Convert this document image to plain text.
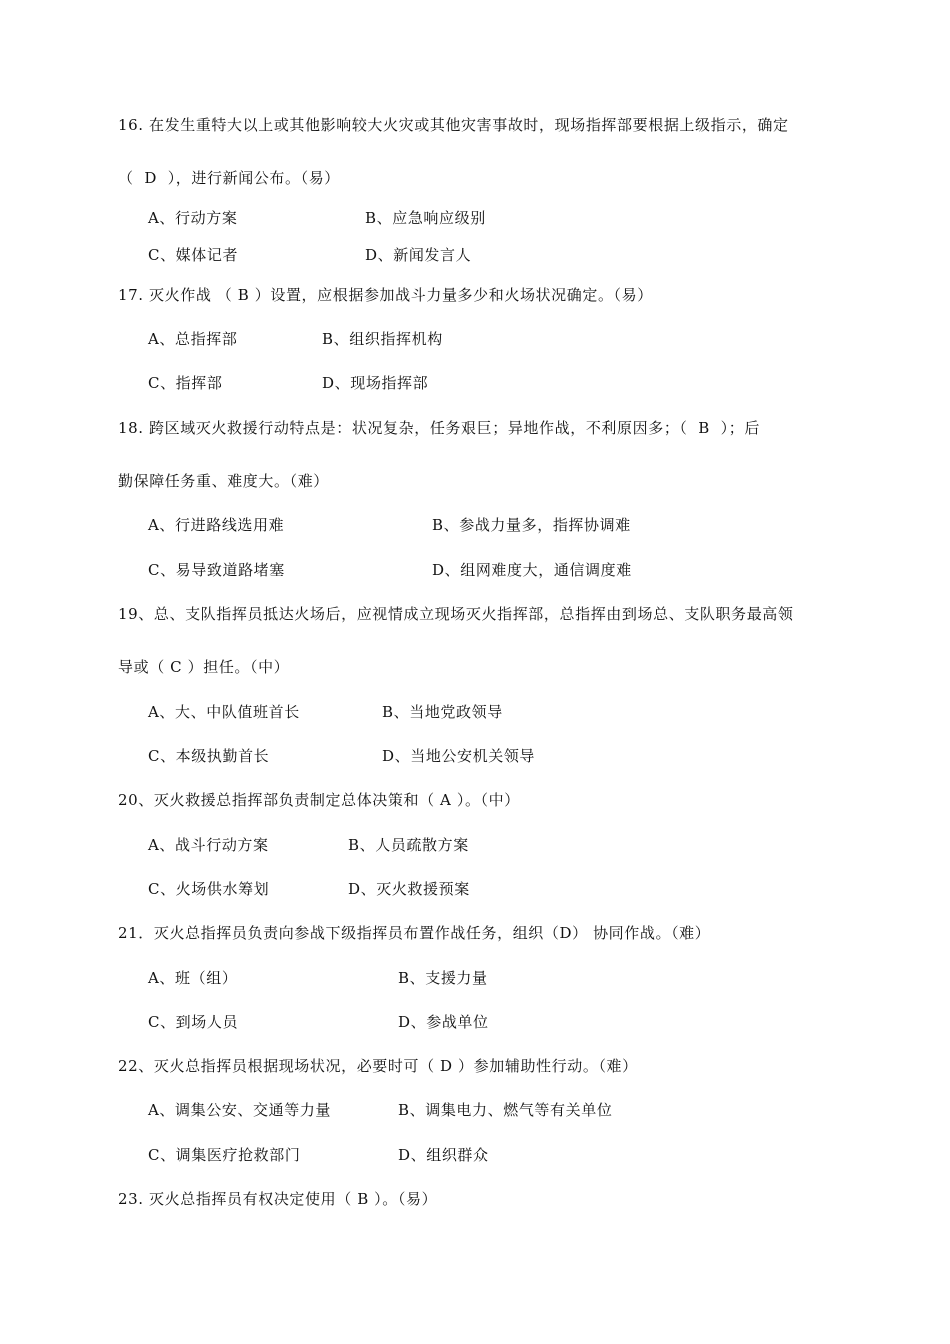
16. 在发生重特大以上或其他影响较大火灾或其他灾害事故时，现场指挥部要根据上级指示，确定
（  D  ），进行新闻公布。（易）
A、行动方案	B、应急响应级别
C、媒体记者	D、新闻发言人
17. 灭火作战 （ B ）设置，应根据参加战斗力量多少和火场状况确定。（易）
A、总指挥部	B、组织指挥机构
C、指挥部	D、现场指挥部
18. 跨区域灭火救援行动特点是：状况复杂，任务艰巨；异地作战，不利原因多；（  B  ）；后
勤保障任务重、难度大。（难）
A、行进路线选用难	B、参战力量多，指挥协调难
C、易导致道路堵塞	D、组网难度大，通信调度难
19、总、支队指挥员抵达火场后，应视情成立现场灭火指挥部，总指挥由到场总、支队职务最高领
导或（ C ）担任。（中）
A、大、中队值班首长	B、当地党政领导
C、本级执勤首长	D、当地公安机关领导
20、灭火救援总指挥部负责制定总体决策和（ A ）。（中）
A、战斗行动方案	B、人员疏散方案
C、火场供水筹划	D、灭火救援预案
21．灭火总指挥员负责向参战下级指挥员布置作战任务，组织（D） 协同作战。（难）
A、班（组）	B、支援力量
C、到场人员	D、参战单位
22、灭火总指挥员根据现场状况，必要时可（ D ）参加辅助性行动。（难）
A、调集公安、交通等力量	B、调集电力、燃气等有关单位
C、调集医疗抢救部门	D、组织群众
23. 灭火总指挥员有权决定使用（ B ）。（易）
